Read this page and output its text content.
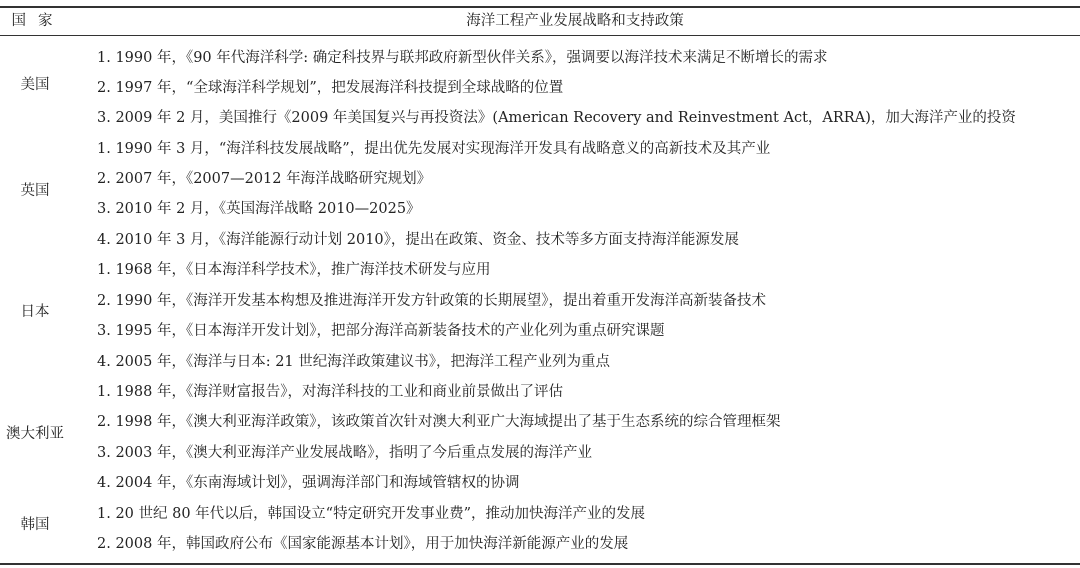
国家	海洋工程产业发展战略和支持政策
美国
1. 1990 年，《90 年代海洋科学: 确定科技界与联邦政府新型伙伴关系》，强调要以海洋技术来满足不断增长的需求
2. 1997 年，“全球海洋科学规划”，把发展海洋科技提到全球战略的位置
3. 2009 年 2 月，美国推行《2009 年美国复兴与再投资法》(American Recovery and Reinvestment Act，ARRA)，加大海洋产业的投资
英国
1. 1990 年 3 月，“海洋科技发展战略”，提出优先发展对实现海洋开发具有战略意义的高新技术及其产业
2. 2007 年，《2007—2012 年海洋战略研究规划》
3. 2010 年 2 月，《英国海洋战略 2010—2025》
4. 2010 年 3 月，《海洋能源行动计划 2010》，提出在政策、资金、技术等多方面支持海洋能源发展
日本
1. 1968 年，《日本海洋科学技术》，推广海洋技术研发与应用
2. 1990 年，《海洋开发基本构想及推进海洋开发方针政策的长期展望》，提出着重开发海洋高新装备技术
3. 1995 年，《日本海洋开发计划》，把部分海洋高新装备技术的产业化列为重点研究课题
4. 2005 年，《海洋与日本: 21 世纪海洋政策建议书》，把海洋工程产业列为重点
澳大利亚
1. 1988 年，《海洋财富报告》，对海洋科技的工业和商业前景做出了评估
2. 1998 年，《澳大利亚海洋政策》，该政策首次针对澳大利亚广大海域提出了基于生态系统的综合管理框架
3. 2003 年，《澳大利亚海洋产业发展战略》，指明了今后重点发展的海洋产业
4. 2004 年，《东南海域计划》，强调海洋部门和海域管辖权的协调
韩国
1. 20 世纪 80 年代以后，韩国设立“特定研究开发事业费”，推动加快海洋产业的发展
2. 2008 年，韩国政府公布《国家能源基本计划》，用于加快海洋新能源产业的发展
